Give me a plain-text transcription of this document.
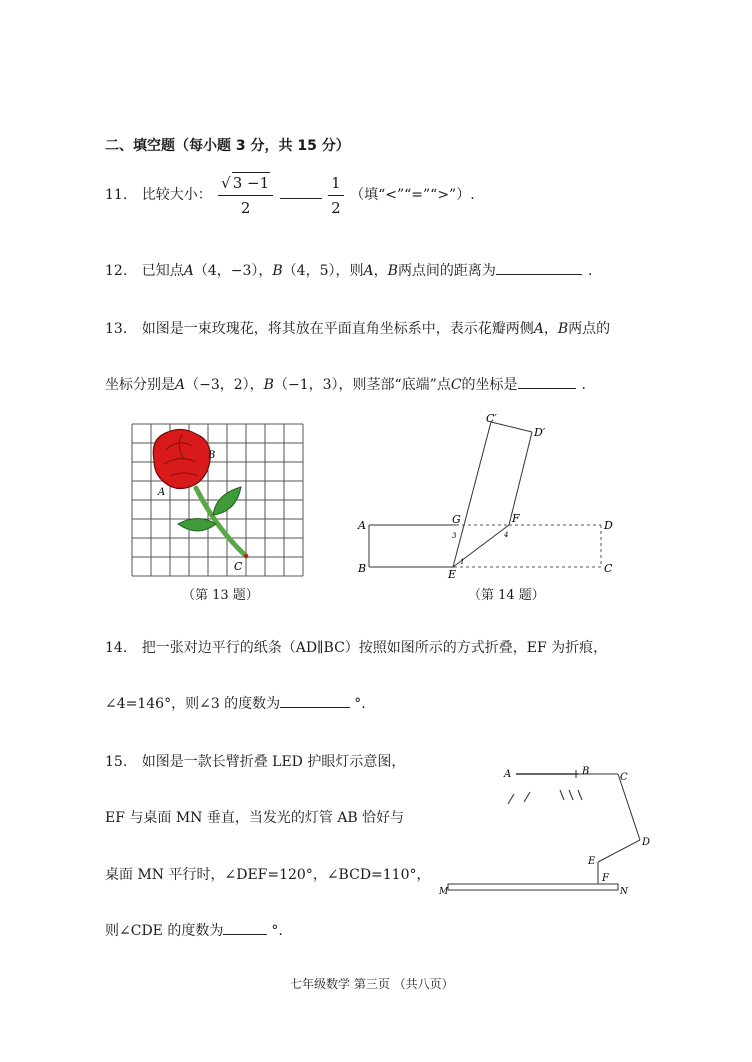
二、填空题（每小题 3 分，共 15 分）
11. 比较大小： $\frac{√ 3 -1}{2}$
	$\frac{1}{2}$ （填“<”“=”“>”）.
12. 已知点A（4，−3），B（4，5），则A，B两点间的距离为	.
13. 如图是一束玫瑰花，将其放在平面直角坐标系中，表示花瓣两侧A，B两点的
坐标分别是A（−3，2），B（−1，3），则茎部“底端”点C的坐标是	.
B
A
C
（第 13 题）
C′
D′
A
B
G	F
D
C
E
3	4
1
（第 14 题）
14. 把一张对边平行的纸条（AD∥BC）按照如图所示的方式折叠，EF 为折痕，
∠4=146°，则∠3 的度数为	°.
15. 如图是一款长臂折叠 LED 护眼灯示意图，
EF 与桌面 MN 垂直，当发光的灯管 AB 恰好与
桌面 MN 平行时，∠DEF=120°，∠BCD=110°，
则∠CDE 的度数为	°.
A	B
C
D
E
F
M	N
七年级数学 第三页 （共八页）
